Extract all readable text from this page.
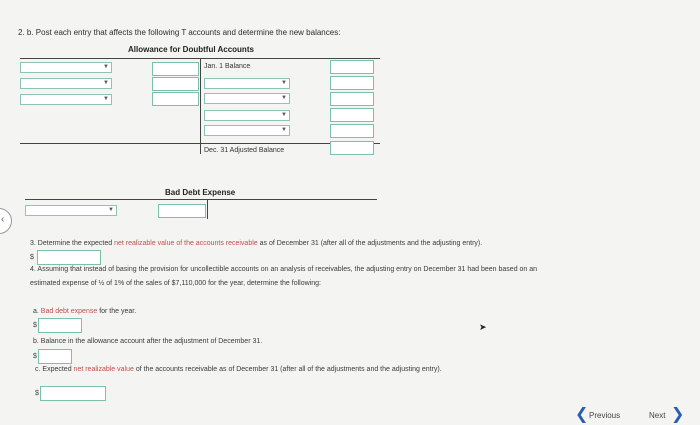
‹
2. b. Post each entry that affects the following T accounts and determine the new balances:
Allowance for Doubtful Accounts
▼
▼
▼
Jan. 1 Balance
▼
▼
▼
▼
Dec. 31 Adjusted Balance
Bad Debt Expense
▼
3. Determine the expected net realizable value of the accounts receivable as of December 31 (after all of the adjustments and the adjusting entry).
$
4. Assuming that instead of basing the provision for uncollectible accounts on an analysis of receivables, the adjusting entry on December 31 had been based on an
estimated expense of ½ of 1% of the sales of $7,110,000 for the year, determine the following:
a. Bad debt expense for the year.
$	➤
b. Balance in the allowance account after the adjustment of December 31.
$
c. Expected net realizable value of the accounts receivable as of December 31 (after all of the adjustments and the adjusting entry).
$
❮ Previous	Next ❯
